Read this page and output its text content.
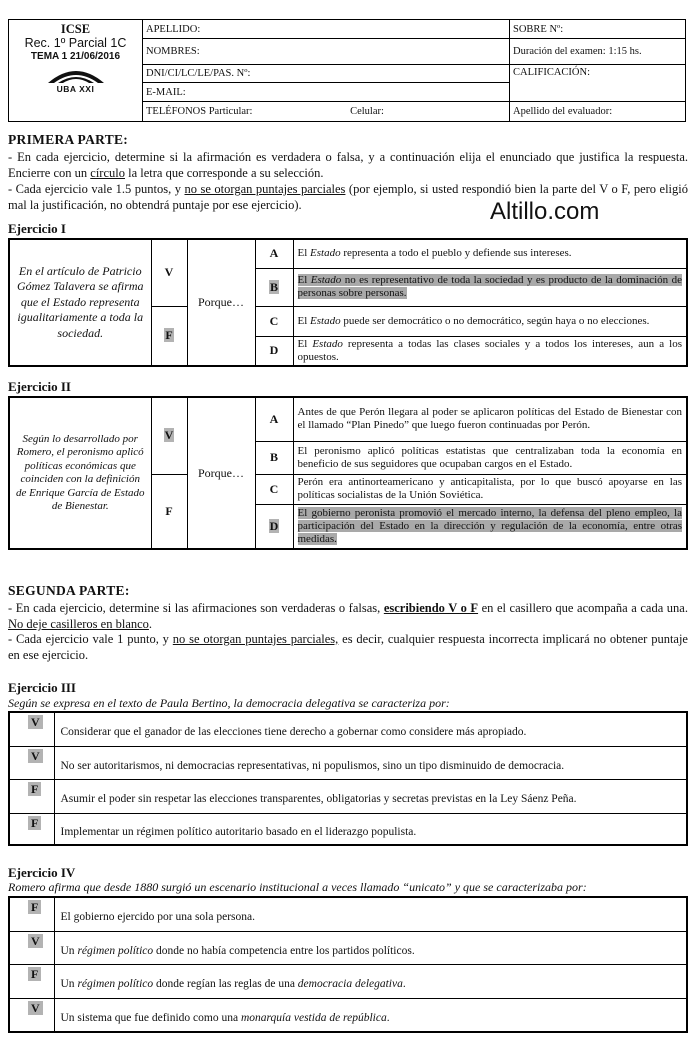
ICSE
Rec. 1º Parcial 1C
TEMA 1 21/06/2016
UBA XXI	APELLIDO:	SOBRE Nº:
	NOMBRES:	Duración del examen: 1:15 hs.
	DNI/CI/LC/LE/PAS. Nº:	CALIFICACIÓN:
	E-MAIL:	
	TELÉFONOS Particular: Celular:	Apellido del evaluador:
PRIMERA PARTE:
- En cada ejercicio, determine si la afirmación es verdadera o falsa, y a continuación elija el enunciado que justifica la respuesta. Encierre con un círculo la letra que corresponde a su selección.
- Cada ejercicio vale 1.5 puntos, y no se otorgan puntajes parciales (por ejemplo, si usted respondió bien la parte del V o F, pero eligió mal la justificación, no obtendrá puntaje por ese ejercicio).	Altillo.com
Ejercicio I
En el artículo de Patricio Gómez Talavera se afirma que el Estado representa igualitariamente a toda la sociedad.	V	Porque…	A	El Estado representa a todo el pueblo y defiende sus intereses.
			B	El Estado no es representativo de toda la sociedad y es producto de la dominación de personas sobre personas.
	F		C	El Estado puede ser democrático o no democrático, según haya o no elecciones.
			D	El Estado representa a todas las clases sociales y a todos los intereses, aun a los opuestos.
Ejercicio II
Según lo desarrollado por Romero, el peronismo aplicó políticas económicas que coinciden con la definición de Enrique García de Estado de Bienestar.	V	Porque…	A	Antes de que Perón llegara al poder se aplicaron políticas del Estado de Bienestar con el llamado “Plan Pinedo” que luego fueron continuadas por Perón.
			B	El peronismo aplicó políticas estatistas que centralizaban toda la economía en beneficio de sus seguidores que ocupaban cargos en el Estado.
	F		C	Perón era antinorteamericano y anticapitalista, por lo que buscó apoyarse en las políticas socialistas de la Unión Soviética.
			D	El gobierno peronista promovió el mercado interno, la defensa del pleno empleo, la participación del Estado en la dirección y regulación de la economía, entre otras medidas.
SEGUNDA PARTE:
- En cada ejercicio, determine si las afirmaciones son verdaderas o falsas, escribiendo V o F en el casillero que acompaña a cada una. No deje casilleros en blanco.
- Cada ejercicio vale 1 punto, y no se otorgan puntajes parciales, es decir, cualquier respuesta incorrecta implicará no obtener puntaje en ese ejercicio.
Ejercicio III
Según se expresa en el texto de Paula Bertino, la democracia delegativa se caracteriza por:
V	Considerar que el ganador de las elecciones tiene derecho a gobernar como considere más apropiado.
V	No ser autoritarismos, ni democracias representativas, ni populismos, sino un tipo disminuido de democracia.
F	Asumir el poder sin respetar las elecciones transparentes, obligatorias y secretas previstas en la Ley Sáenz Peña.
F	Implementar un régimen político autoritario basado en el liderazgo populista.
Ejercicio IV
Romero afirma que desde 1880 surgió un escenario institucional a veces llamado “unicato” y que se caracterizaba por:
F	El gobierno ejercido por una sola persona.
V	Un régimen político donde no había competencia entre los partidos políticos.
F	Un régimen político donde regían las reglas de una democracia delegativa.
V	Un sistema que fue definido como una monarquía vestida de república.
